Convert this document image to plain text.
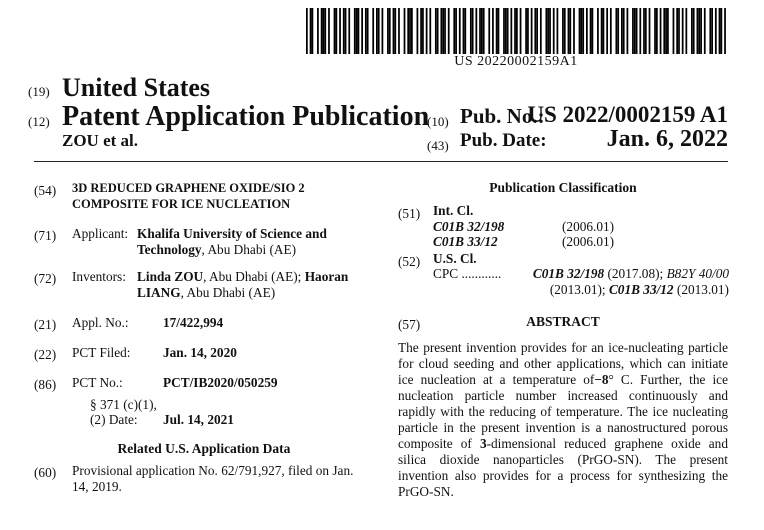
US 20220002159A1
(19) United States
(12) Patent Application Publication
ZOU et al.
(10) Pub. No.:
US 2022/0002159 A1
(43) Pub. Date:	Jan. 6, 2022
(54) 3D REDUCED GRAPHENE OXIDE/SIO 2 COMPOSITE FOR ICE NUCLEATION
(71) Applicant: Khalifa University of Science and Technology, Abu Dhabi (AE)
(72) Inventors: Linda ZOU, Abu Dhabi (AE); Haoran LIANG, Abu Dhabi (AE)
(21) Appl. No.:	17/422,994
(22) PCT Filed: Jan. 14, 2020
(86) PCT No.:	PCT/IB2020/050259
§ 371 (c)(1),
(2) Date: Jul. 14, 2021
Related U.S. Application Data
(60) Provisional application No. 62/791,927, filed on Jan. 14, 2019.
Publication Classification
(51) Int. Cl.
C01B 32/198	(2006.01)
C01B 33/12	(2006.01)
(52) U.S. Cl.
CPC ............ C01B 32/198 (2017.08); B82Y 40/00
(2013.01); C01B 33/12 (2013.01)
(57)	ABSTRACT
The present invention provides for an ice-nucleating particle for cloud seeding and other applications, which can initiate ice nucleation at a temperature of−8° C. Further, the ice nucleation particle number increased continuously and rapidly with the reducing of temperature. The ice nucleating particle in the present invention is a nanostructured porous composite of 3-dimensional reduced graphene oxide and silica dioxide nanoparticles (PrGO-SN). The present invention also provides for a process for synthesizing the PrGO-SN.
